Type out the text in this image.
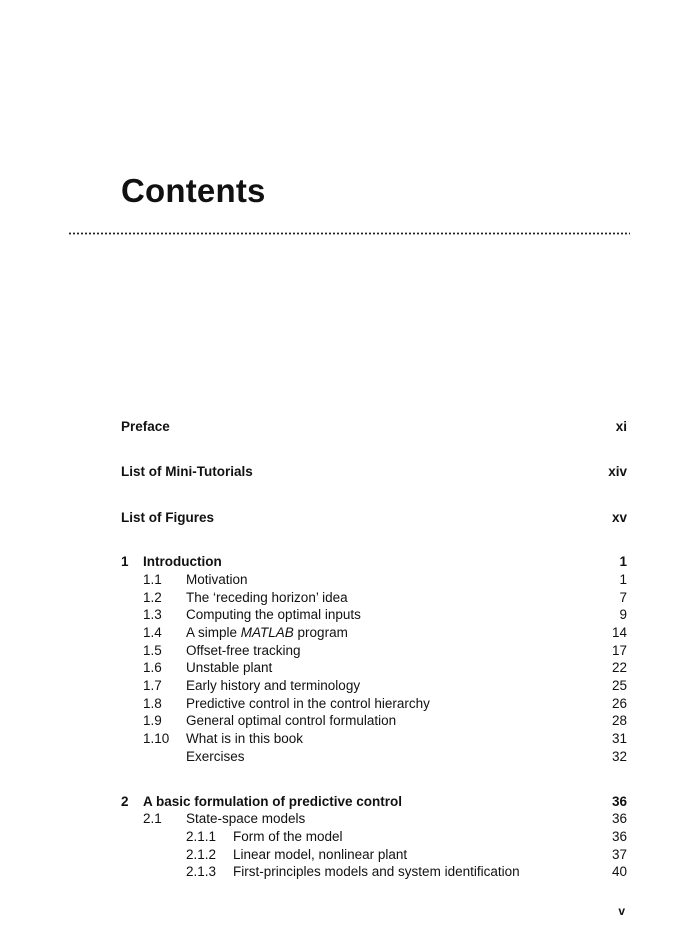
Contents
Preface	xi
List of Mini-Tutorials	xiv
List of Figures	xv
1 Introduction	1
1.1 Motivation	1
1.2 The ‘receding horizon’ idea	7
1.3 Computing the optimal inputs	9
1.4 A simple MATLAB program	14
1.5 Offset-free tracking	17
1.6 Unstable plant	22
1.7 Early history and terminology	25
1.8 Predictive control in the control hierarchy	26
1.9 General optimal control formulation	28
1.10 What is in this book	31
Exercises	32
2 A basic formulation of predictive control	36
2.1 State-space models	36
2.1.1 Form of the model	36
2.1.2 Linear model, nonlinear plant	37
2.1.3 First-principles models and system identification	40
v
